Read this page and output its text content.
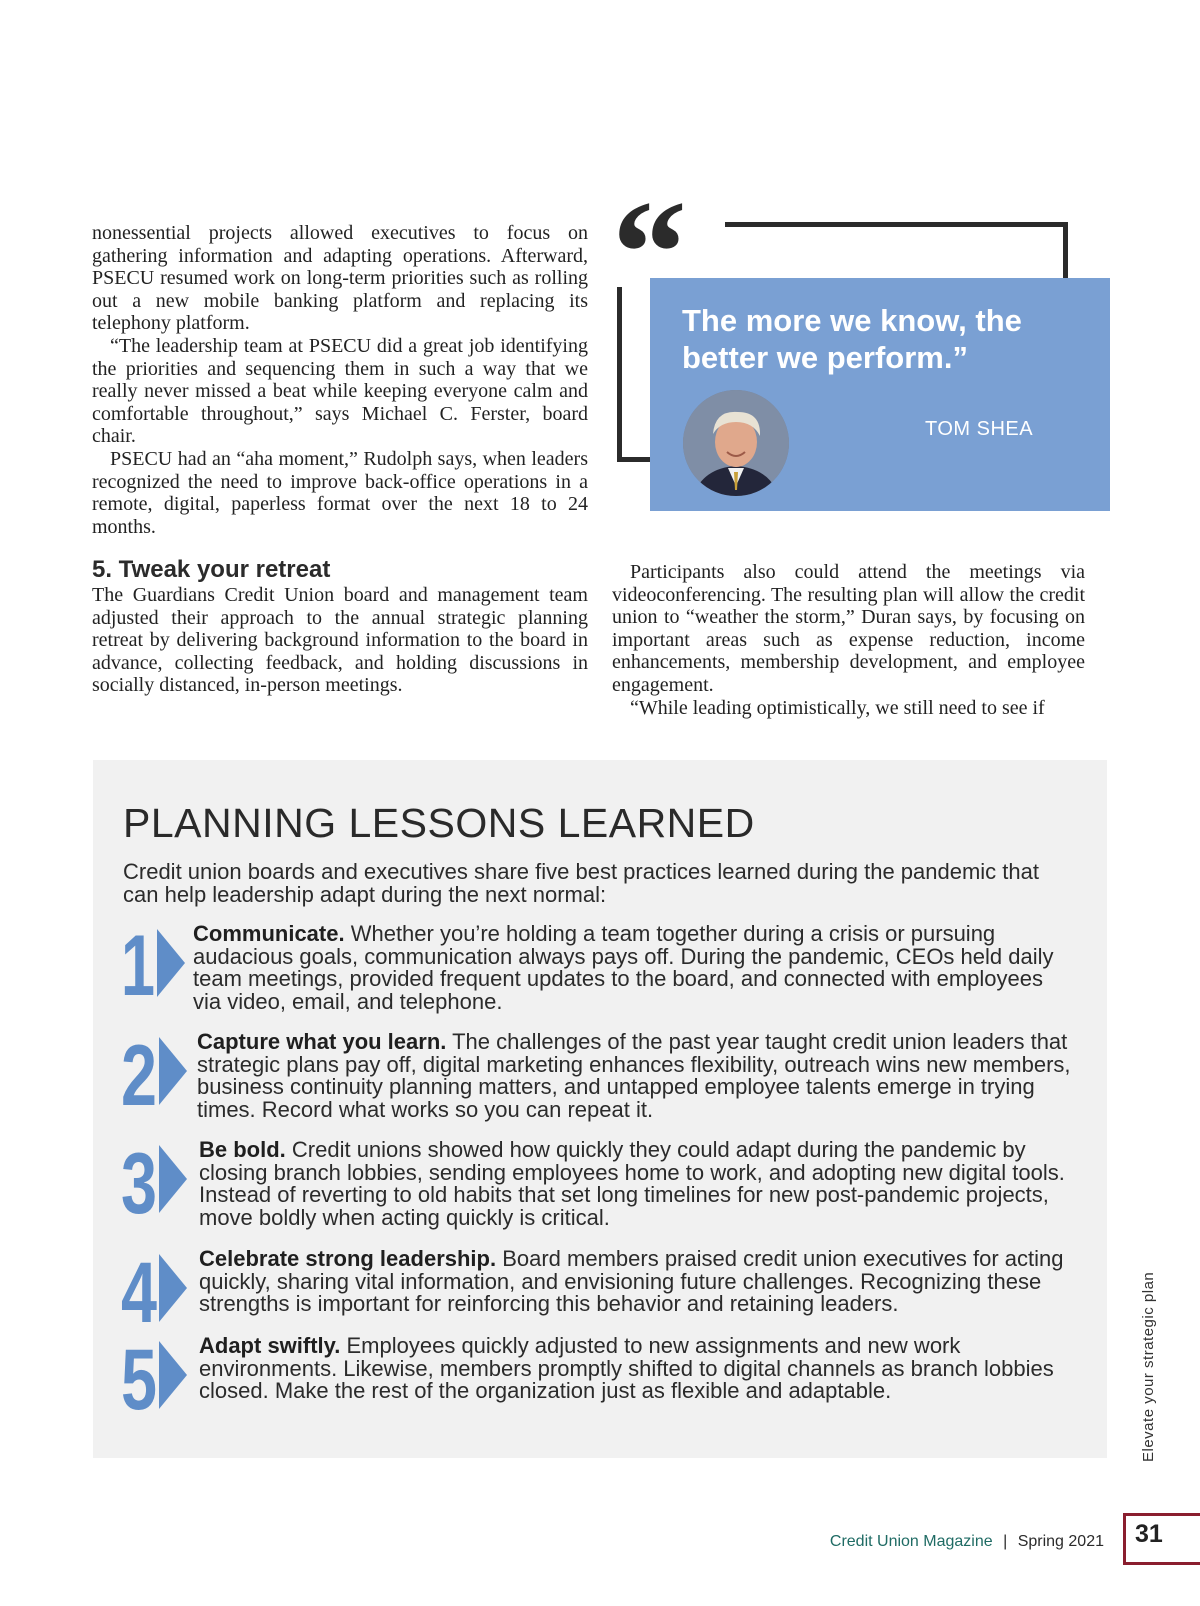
nonessential projects allowed executives to focus on gathering information and adapting operations. Afterward, PSECU resumed work on long-term priorities such as rolling out a new mobile banking platform and replacing its telephony platform.

“The leadership team at PSECU did a great job identifying the priorities and sequencing them in such a way that we really never missed a beat while keeping everyone calm and comfortable throughout,” says Michael C. Ferster, board chair.

PSECU had an “aha moment,” Rudolph says, when leaders recognized the need to improve back-office operations in a remote, digital, paperless format over the next 18 to 24 months.

“ The more we know, the better we perform.”
TOM SHEA
5. Tweak your retreat

The Guardians Credit Union board and management team adjusted their approach to the annual strategic planning retreat by delivering background information to the board in advance, collecting feedback, and holding discussions in socially distanced, in-person meetings.

Participants also could attend the meetings via videoconferencing. The resulting plan will allow the credit union to “weather the storm,” Duran says, by focusing on important areas such as expense reduction, income enhancements, membership development, and employee engagement.

“While leading optimistically, we still need to see if

PLANNING LESSONS LEARNED
Credit union boards and executives share five best practices learned during the pandemic that can help leadership adapt during the next normal:
1 Communicate. Whether you’re holding a team together during a crisis or pursuing audacious goals, communication always pays off. During the pandemic, CEOs held daily team meetings, provided frequent updates to the board, and connected with employees via video, email, and telephone.
2 Capture what you learn. The challenges of the past year taught credit union leaders that strategic plans pay off, digital marketing enhances flexibility, outreach wins new members, business continuity planning matters, and untapped employee talents emerge in trying times. Record what works so you can repeat it.
3 Be bold. Credit unions showed how quickly they could adapt during the pandemic by closing branch lobbies, sending employees home to work, and adopting new digital tools. Instead of reverting to old habits that set long timelines for new post-pandemic projects, move boldly when acting quickly is critical.
4 Celebrate strong leadership. Board members praised credit union executives for acting quickly, sharing vital information, and envisioning future challenges. Recognizing these strengths is important for reinforcing this behavior and retaining leaders.
5 Adapt swiftly. Employees quickly adjusted to new assignments and new work environments. Likewise, members promptly shifted to digital channels as branch lobbies closed. Make the rest of the organization just as flexible and adaptable.	Elevate your strategic plan
Credit Union Magazine | Spring 2021 31
